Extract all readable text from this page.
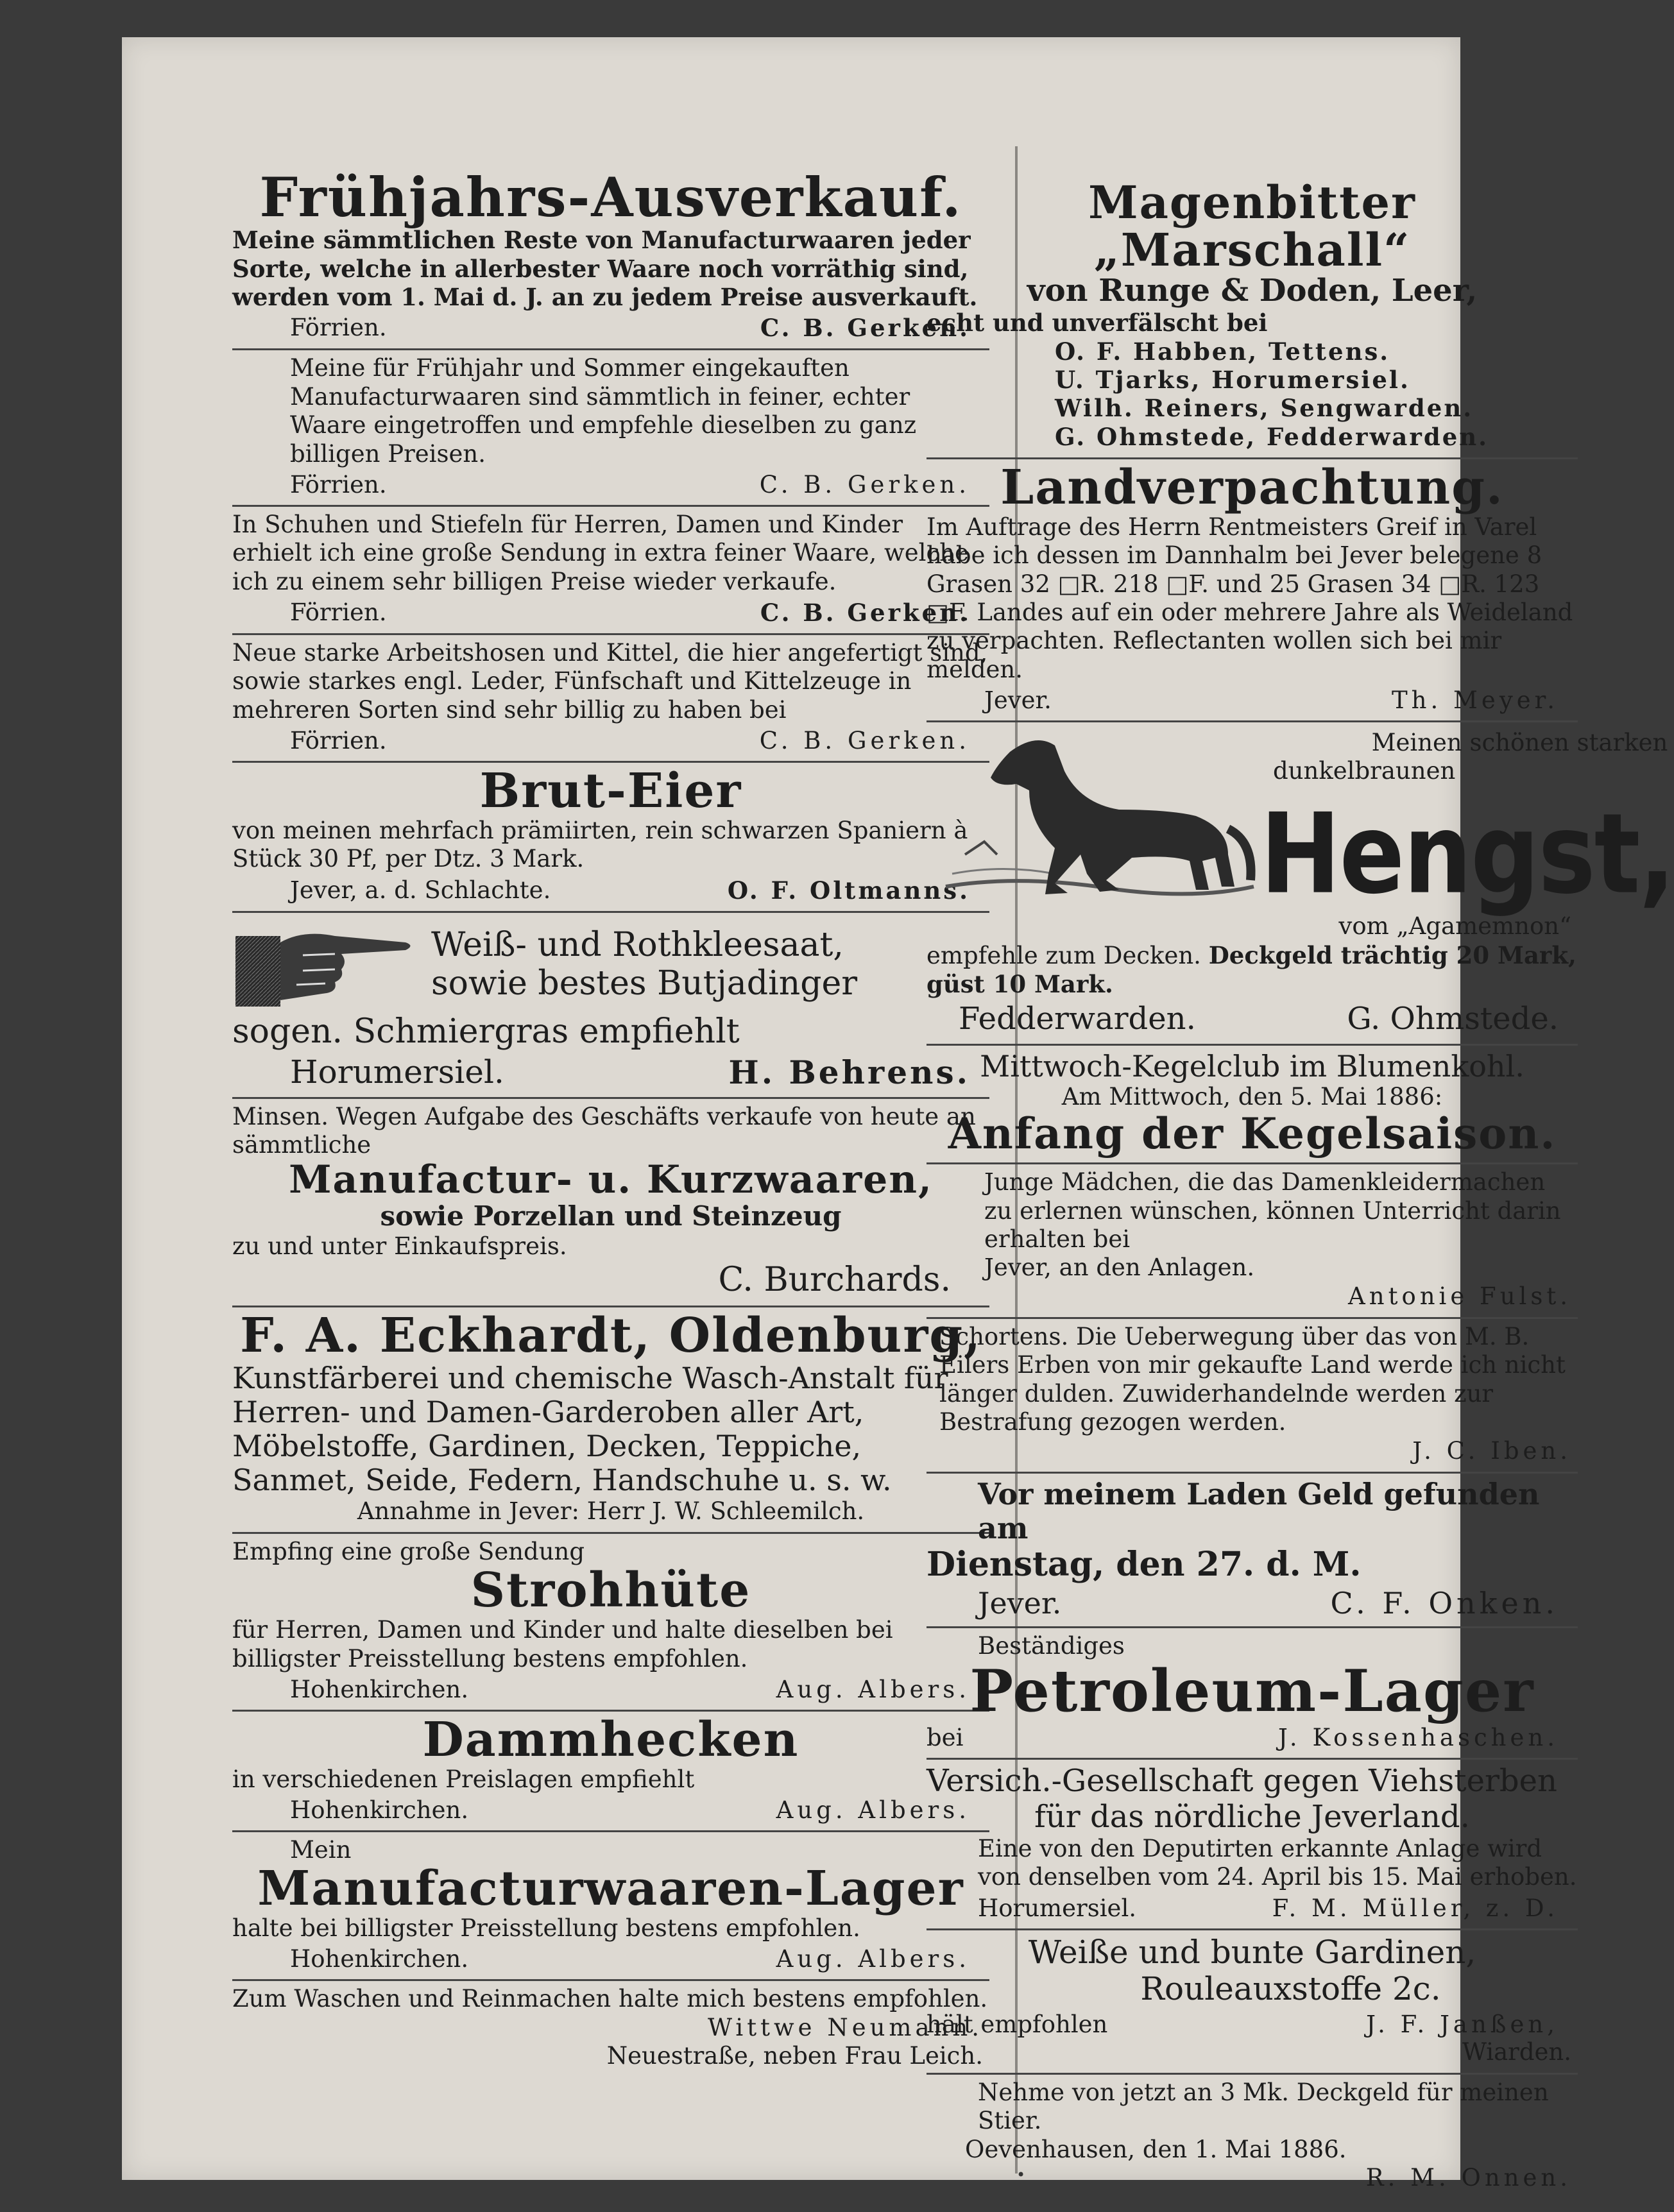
Frühjahrs-Ausverkauf.

Meine sämmtlichen Reste von Manufacturwaaren jeder Sorte, welche in allerbester Waare noch vorräthig sind, werden vom 1. Mai d. J. an zu jedem Preise ausverkauft.

Förrien.	C. B. Gerken.

Meine für Frühjahr und Sommer eingekauften Manufacturwaaren sind sämmtlich in feiner, echter Waare eingetroffen und empfehle dieselben zu ganz billigen Preisen.

Förrien.	C. B. Gerken.

In Schuhen und Stiefeln für Herren, Damen und Kinder erhielt ich eine große Sendung in extra feiner Waare, welche ich zu einem sehr billigen Preise wieder verkaufe.

Förrien.	C. B. Gerken.

Neue starke Arbeitshosen und Kittel, die hier angefertigt sind, sowie starkes engl. Leder, Fünfschaft und Kittelzeuge in mehreren Sorten sind sehr billig zu haben bei

Förrien.	C. B. Gerken.
Brut-Eier

von meinen mehrfach prämiirten, rein schwarzen Spaniern à Stück 30 Pf, per Dtz. 3 Mark.

Jever, a. d. Schlachte.	O. F. Oltmanns.
Weiß- und Rothkleesaat,
sowie bestes Butjadinger
sogen. Schmiergras empfiehlt
Horumersiel.	H. Behrens.

Minsen. Wegen Aufgabe des Geschäfts verkaufe von heute an sämmtliche

Manufactur- u. Kurzwaaren,
sowie Porzellan und Steinzeug

zu und unter Einkaufspreis.

C. Burchards.
F. A. Eckhardt, Oldenburg,

Kunstfärberei und chemische Wasch-Anstalt für Herren- und Damen-Garderoben aller Art, Möbelstoffe, Gardinen, Decken, Teppiche, Sanmet, Seide, Federn, Handschuhe u. s. w.

Annahme in Jever: Herr J. W. Schleemilch.

Empfing eine große Sendung

Strohhüte

für Herren, Damen und Kinder und halte dieselben bei billigster Preisstellung bestens empfohlen.

Hohenkirchen.	Aug. Albers.
Dammhecken

in verschiedenen Preislagen empfiehlt

Hohenkirchen.	Aug. Albers.

Mein

Manufacturwaaren-Lager

halte bei billigster Preisstellung bestens empfohlen.

Hohenkirchen.	Aug. Albers.

Zum Waschen und Reinmachen halte mich bestens empfohlen.

Wittwe Neumann.
Neuestraße, neben Frau Leich.
Magenbitter „Marschall“
von Runge & Doden, Leer,

echt und unverfälscht bei

O. F. Habben, Tettens.
U. Tjarks, Horumersiel.
Wilh. Reiners, Sengwarden.
G. Ohmstede, Fedderwarden.
Landverpachtung.

Im Auftrage des Herrn Rentmeisters Greif in Varel habe ich dessen im Dannhalm bei Jever belegene 8 Grasen 32 □R. 218 □F. und 25 Grasen 34 □R. 123 □F. Landes auf ein oder mehrere Jahre als Weideland zu verpachten. Reflectanten wollen sich bei mir melden.

Jever.	Th. Meyer.
Meinen schönen starken
dunkelbraunen
Hengst,
vom „Agamemnon“

empfehle zum Decken. Deckgeld trächtig 20 Mark, güst 10 Mark.

Fedderwarden.	G. Ohmstede.
Mittwoch-Kegelclub im Blumenkohl.
Am Mittwoch, den 5. Mai 1886:
Anfang der Kegelsaison.

Junge Mädchen, die das Damenkleidermachen zu erlernen wünschen, können Unterricht darin erhalten bei

Jever, an den Anlagen.
Antonie Fulst.

Schortens. Die Ueberwegung über das von M. B. Eilers Erben von mir gekaufte Land werde ich nicht länger dulden. Zuwiderhandelnde werden zur Bestrafung gezogen werden.

J. C. Iben.
Vor meinem Laden Geld gefunden am
Dienstag, den 27. d. M.
Jever.	C. F. Onken.
Beständiges
Petroleum-Lager
bei	J. Kossenhaschen.
Versich.-Gesellschaft gegen Viehsterben
für das nördliche Jeverland.

Eine von den Deputirten erkannte Anlage wird von denselben vom 24. April bis 15. Mai erhoben.

Horumersiel.	F. M. Müller, z. D.
Weiße und bunte Gardinen,
Rouleauxstoffe 2c.
hält empfohlen	J. F. Janßen,
Wiarden.

Nehme von jetzt an 3 Mk. Deckgeld für meinen Stier.

Oevenhausen, den 1. Mai 1886.
R. M. Onnen.
•
